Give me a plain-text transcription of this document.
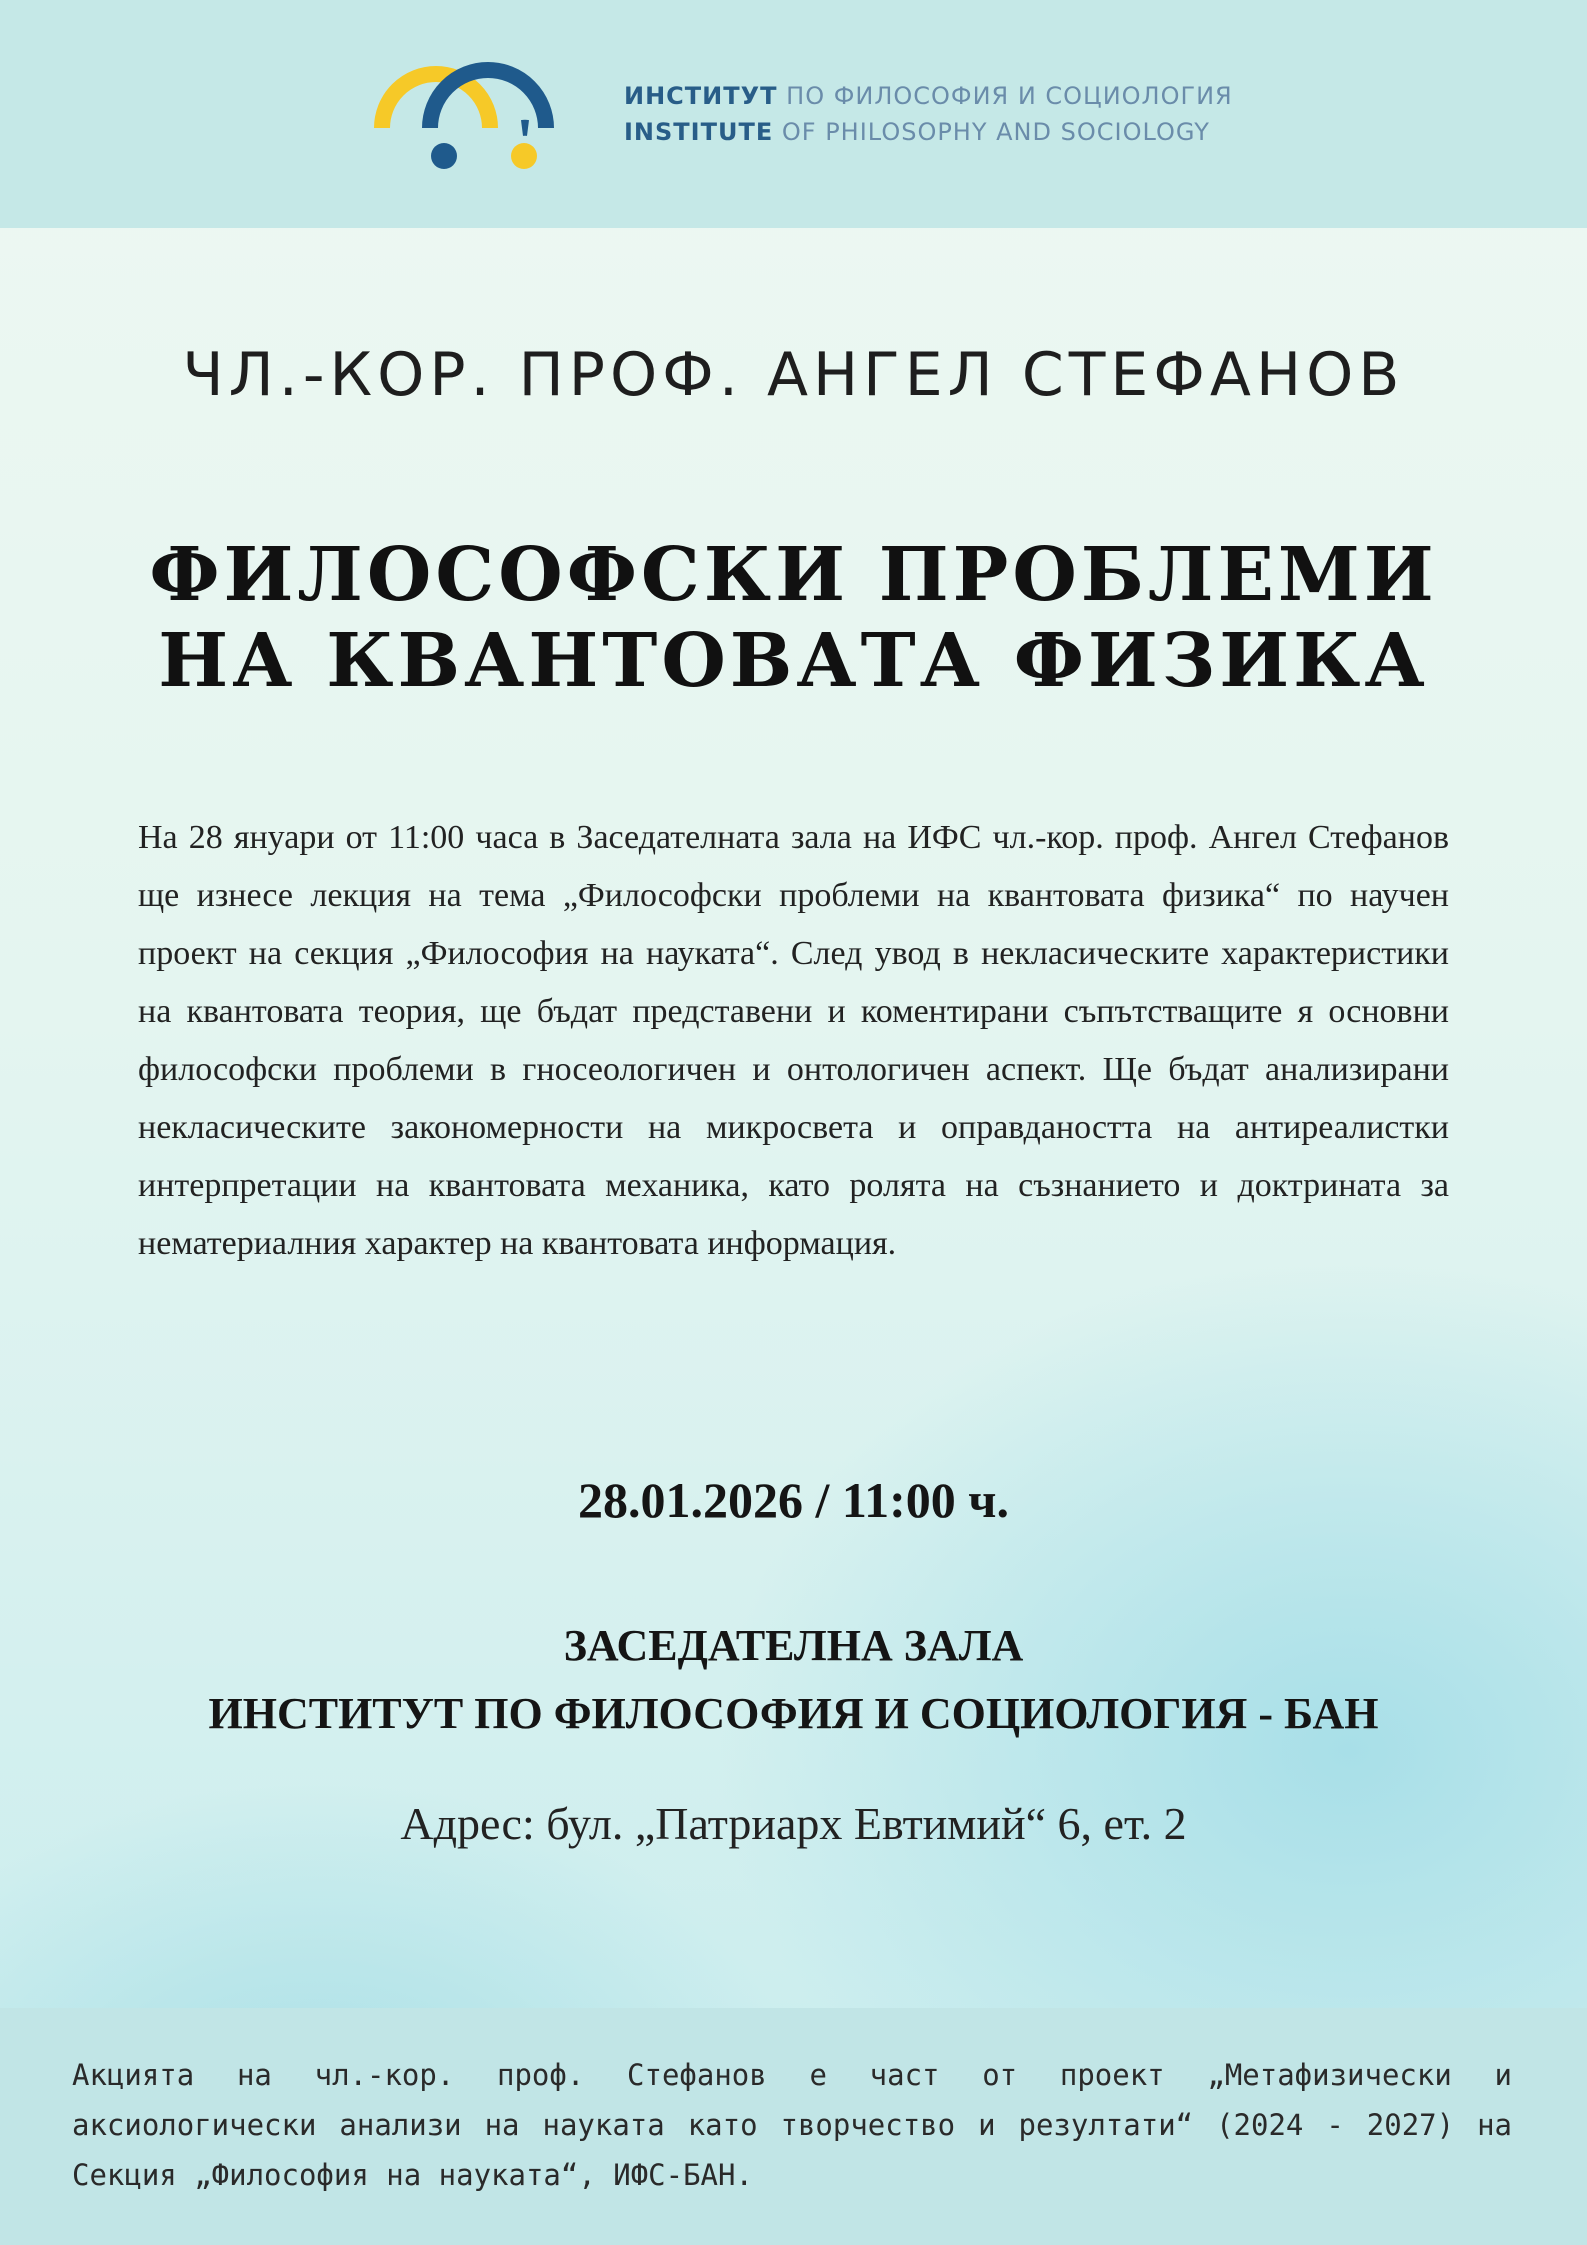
ИНСТИТУТ ПО ФИЛОСОФИЯ И СОЦИОЛОГИЯ
INSTITUTE OF PHILOSOPHY AND SOCIOLOGY
ЧЛ.-КОР. ПРОФ. АНГЕЛ СТЕФАНОВ
ФИЛОСОФСКИ ПРОБЛЕМИ
НА КВАНТОВАТА ФИЗИКА
На 28 януари от 11:00 часа в Заседателната зала на ИФС чл.-кор. проф. Ангел Стефанов ще изнесе лекция на тема „Философски проблеми на квантовата физика“ по научен проект на секция „Философия на науката“. След увод в некласическите характеристики на квантовата теория, ще бъдат представени и коментирани съпътстващите я основни философски проблеми в гносеологичен и онтологичен аспект. Ще бъдат анализирани некласическите закономерности на микросвета и оправдаността на антиреалистки интерпретации на квантовата механика, като ролята на съзнанието и доктрината за нематериалния характер на квантовата информация.
28.01.2026 / 11:00 ч.
ЗАСЕДАТЕЛНА ЗАЛА
ИНСТИТУТ ПО ФИЛОСОФИЯ И СОЦИОЛОГИЯ - БАН
Адрес: бул. „Патриарх Евтимий“ 6, ет. 2
Акцията на чл.-кор. проф. Стефанов е част от проект „Метафизически и аксиологически анализи на науката като творчество и резултати“ (2024 - 2027) на Секция „Философия на науката“, ИФС-БАН.
